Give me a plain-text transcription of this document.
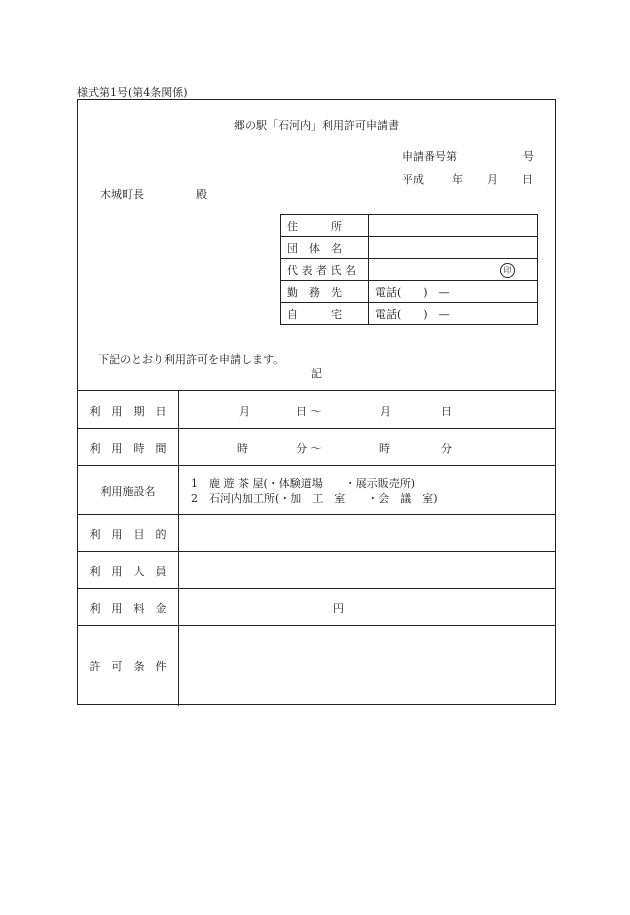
様式第1号(第4条関係)
郷の駅「石河内」利用許可申請書
申請番号第	号
平成	年 月 日
木城町長	殿
下記のとおり利用許可を申請します。
記
利　用　期　日	月	日 〜	月	日
利　用　時　間	時	分 〜	時	分
利用施設名
1　鹿 遊 茶 屋(・体験道場　　・展示販売所)
2　石河内加工所(・加　工　室　　・会　議　室)
利　用　目　的
利　用　人　員
利　用　料　金	円
許　可　条　件
住　　　所	
団　体　名	
代 表 者 氏 名	印

勤　務　先	電話(　　)　—
自　　　宅	電話(　　)　—
